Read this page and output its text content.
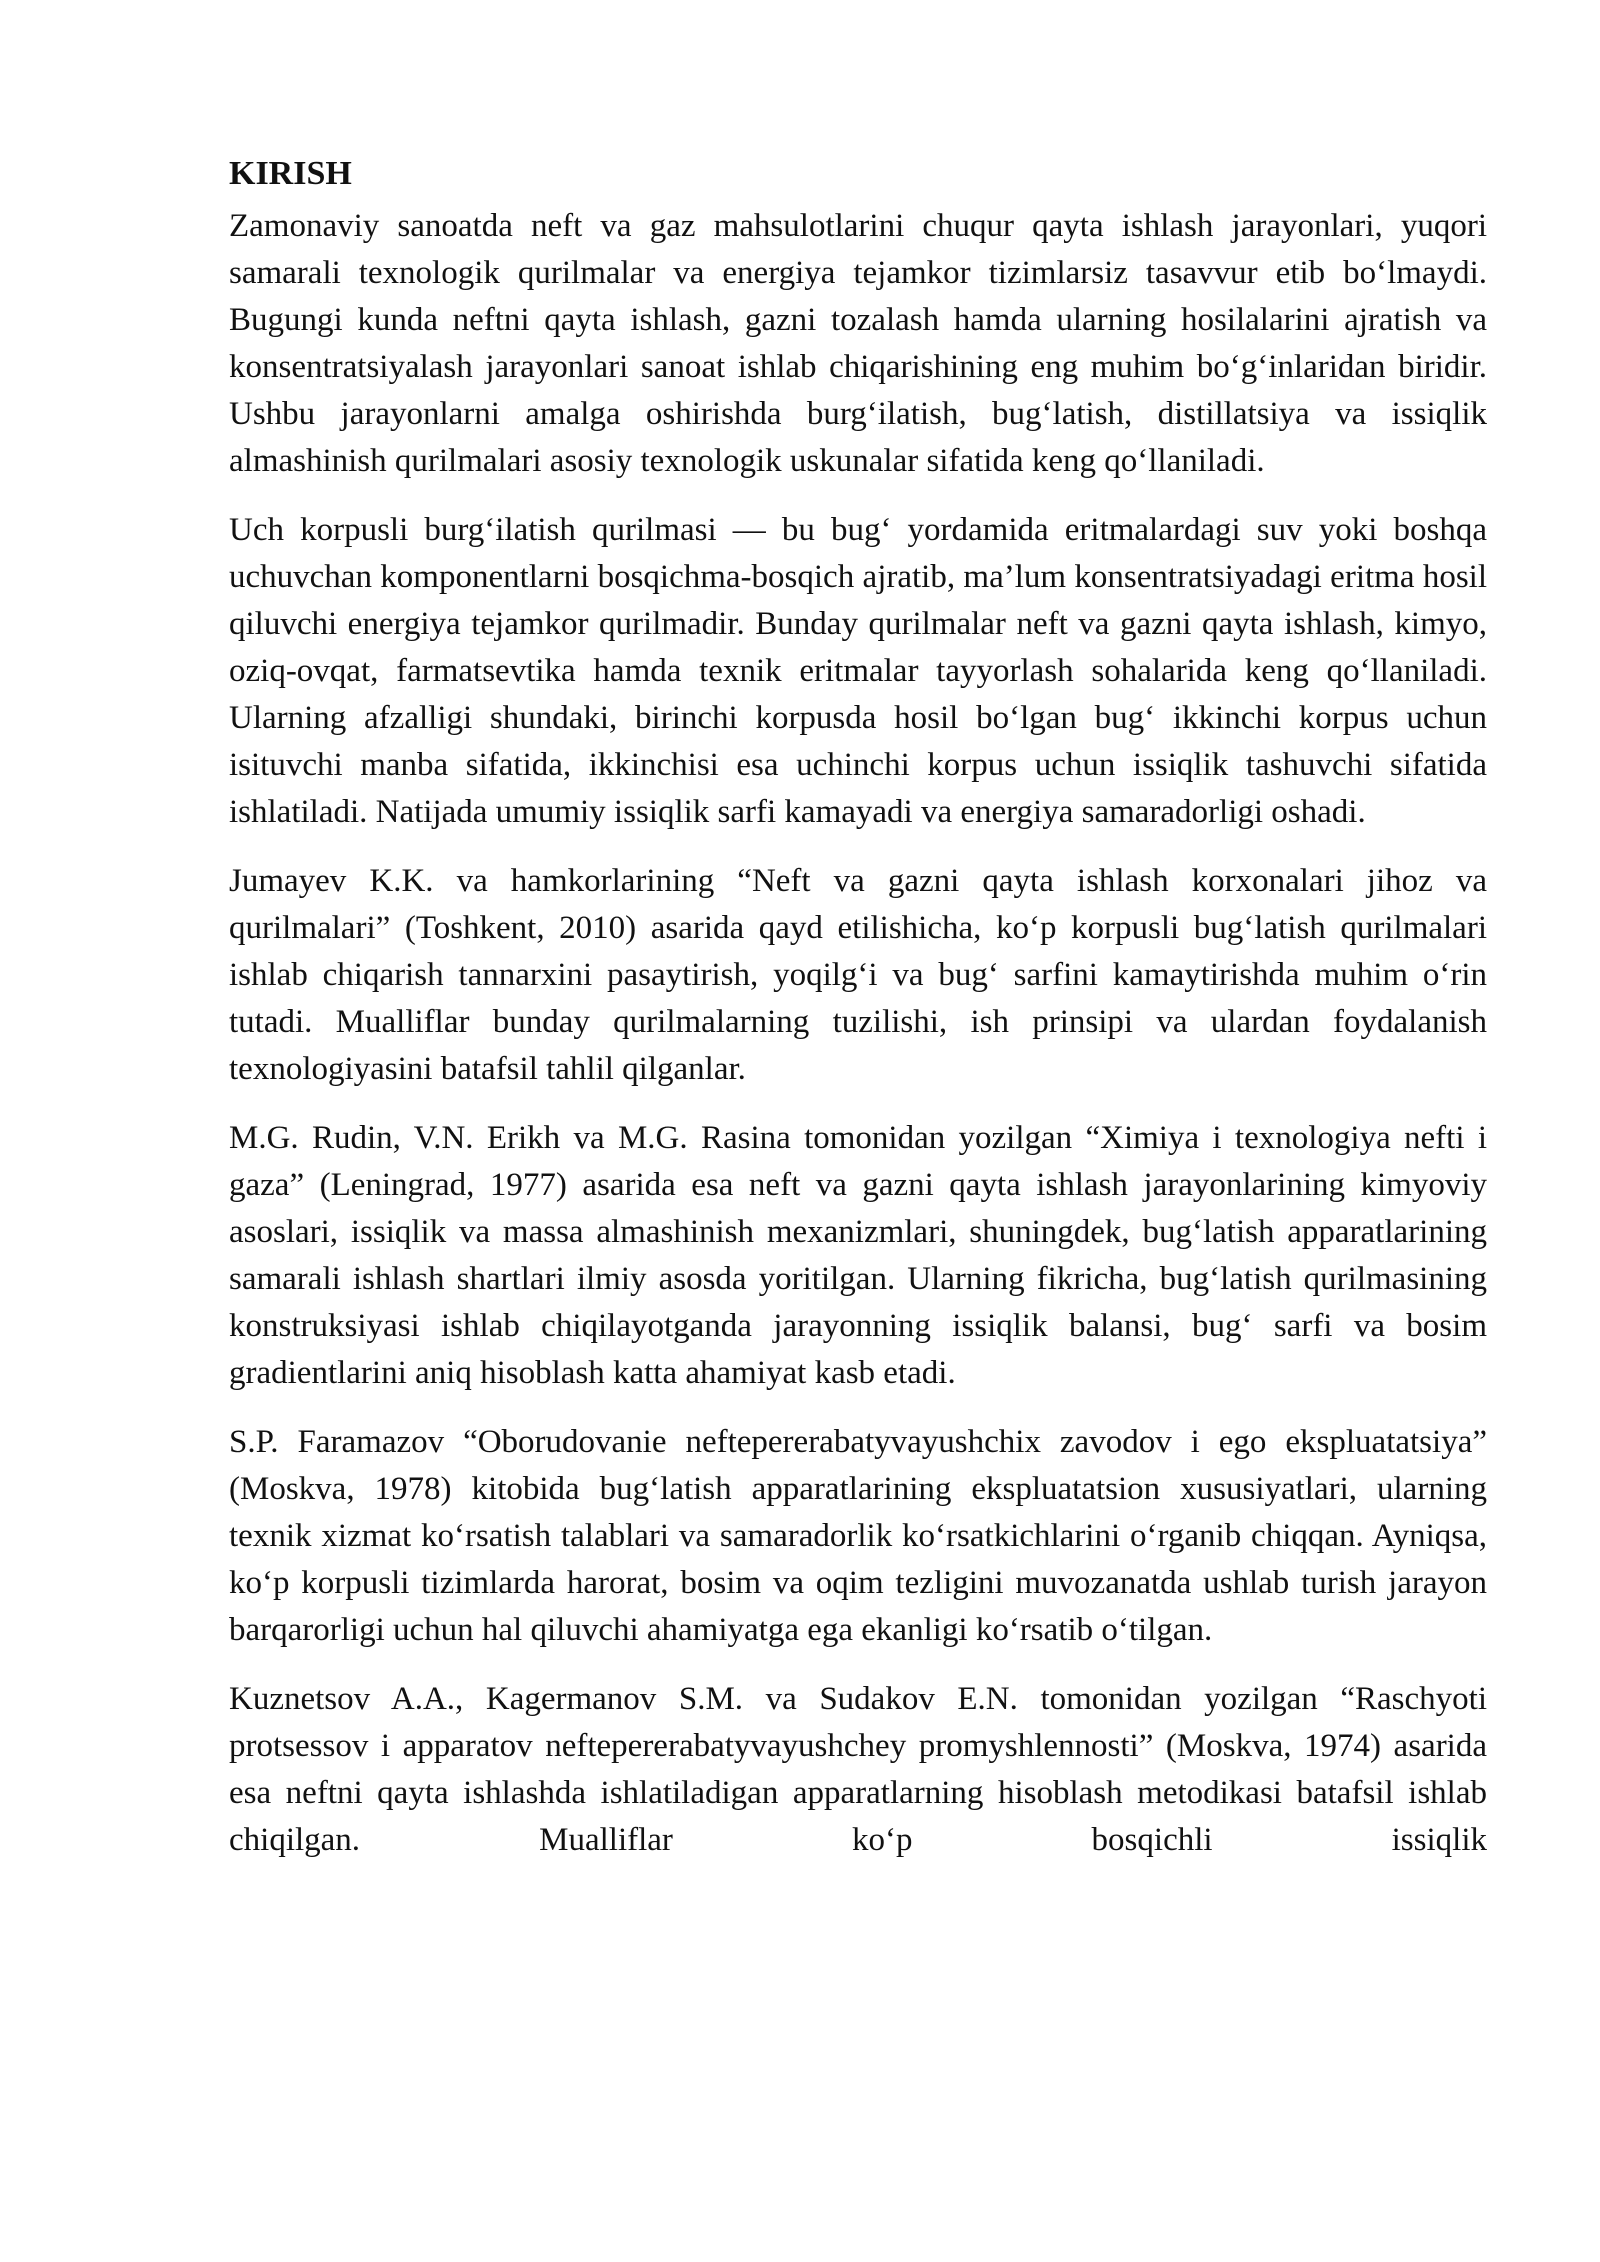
KIRISH

Zamonaviy sanoatda neft va gaz mahsulotlarini chuqur qayta ishlash jarayonlari, yuqori samarali texnologik qurilmalar va energiya tejamkor tizimlarsiz tasavvur etib bo‘lmaydi. Bugungi kunda neftni qayta ishlash, gazni tozalash hamda ularning hosilalarini ajratish va konsentratsiyalash jarayonlari sanoat ishlab chiqarishining eng muhim bo‘g‘inlaridan biridir. Ushbu jarayonlarni amalga oshirishda burg‘ilatish, bug‘latish, distillatsiya va issiqlik almashinish qurilmalari asosiy texnologik uskunalar sifatida keng qo‘llaniladi.

Uch korpusli burg‘ilatish qurilmasi — bu bug‘ yordamida eritmalardagi suv yoki boshqa uchuvchan komponentlarni bosqichma-bosqich ajratib, ma’lum konsentratsiyadagi eritma hosil qiluvchi energiya tejamkor qurilmadir. Bunday qurilmalar neft va gazni qayta ishlash, kimyo, oziq-ovqat, farmatsevtika hamda texnik eritmalar tayyorlash sohalarida keng qo‘llaniladi. Ularning afzalligi shundaki, birinchi korpusda hosil bo‘lgan bug‘ ikkinchi korpus uchun isituvchi manba sifatida, ikkinchisi esa uchinchi korpus uchun issiqlik tashuvchi sifatida ishlatiladi. Natijada umumiy issiqlik sarfi kamayadi va energiya samaradorligi oshadi.

Jumayev K.K. va hamkorlarining “Neft va gazni qayta ishlash korxonalari jihoz va qurilmalari” (Toshkent, 2010) asarida qayd etilishicha, ko‘p korpusli bug‘latish qurilmalari ishlab chiqarish tannarxini pasaytirish, yoqilg‘i va bug‘ sarfini kamaytirishda muhim o‘rin tutadi. Mualliflar bunday qurilmalarning tuzilishi, ish prinsipi va ulardan foydalanish texnologiyasini batafsil tahlil qilganlar.

M.G. Rudin, V.N. Erikh va M.G. Rasina tomonidan yozilgan “Ximiya i texnologiya nefti i gaza” (Leningrad, 1977) asarida esa neft va gazni qayta ishlash jarayonlarining kimyoviy asoslari, issiqlik va massa almashinish mexanizmlari, shuningdek, bug‘latish apparatlarining samarali ishlash shartlari ilmiy asosda yoritilgan. Ularning fikricha, bug‘latish qurilmasining konstruksiyasi ishlab chiqilayotganda jarayonning issiqlik balansi, bug‘ sarfi va bosim gradientlarini aniq hisoblash katta ahamiyat kasb etadi.

S.P. Faramazov “Oborudovanie neftepererabatyvayushchix zavodov i ego ekspluatatsiya” (Moskva, 1978) kitobida bug‘latish apparatlarining ekspluatatsion xususiyatlari, ularning texnik xizmat ko‘rsatish talablari va samaradorlik ko‘rsatkichlarini o‘rganib chiqqan. Ayniqsa, ko‘p korpusli tizimlarda harorat, bosim va oqim tezligini muvozanatda ushlab turish jarayon barqarorligi uchun hal qiluvchi ahamiyatga ega ekanligi ko‘rsatib o‘tilgan.

Kuznetsov A.A., Kagermanov S.M. va Sudakov E.N. tomonidan yozilgan “Raschyoti protsessov i apparatov neftepererabatyvayushchey promyshlennosti” (Moskva, 1974) asarida esa neftni qayta ishlashda ishlatiladigan apparatlarning hisoblash metodikasi batafsil ishlab chiqilgan. Mualliflar ko‘p bosqichli issiqlik
